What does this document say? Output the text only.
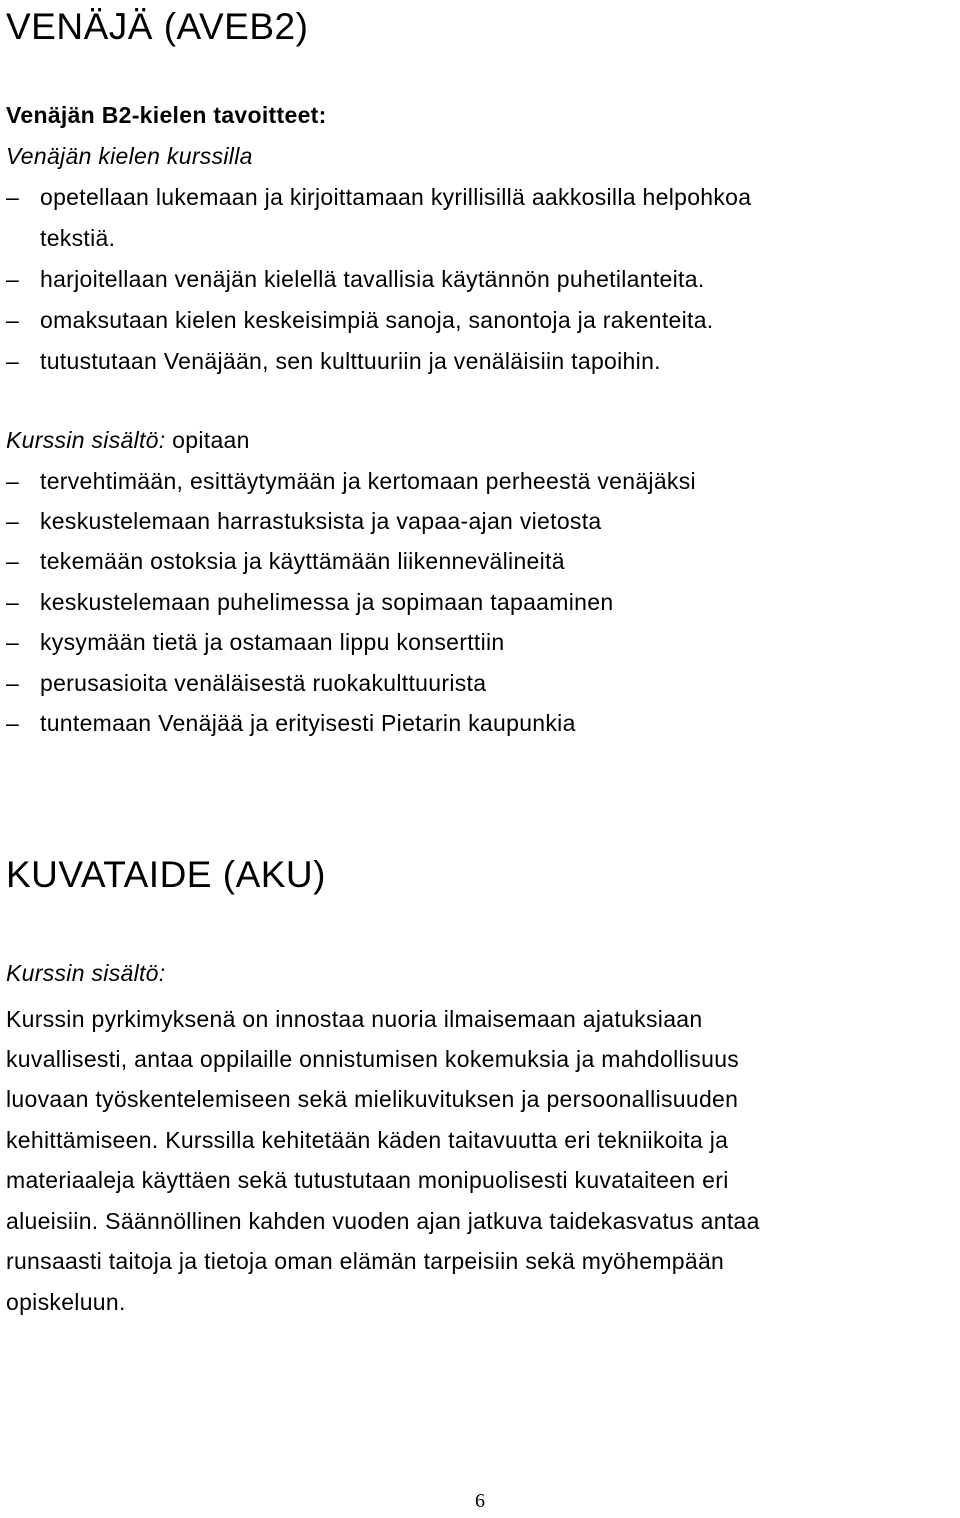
VENÄJÄ (AVEB2)
Venäjän B2-kielen tavoitteet:
Venäjän kielen kurssilla
– opetellaan lukemaan ja kirjoittamaan kyrillisillä aakkosilla helpohkoa
tekstiä.
– harjoitellaan venäjän kielellä tavallisia käytännön puhetilanteita.
– omaksutaan kielen keskeisimpiä sanoja, sanontoja ja rakenteita.
– tutustutaan Venäjään, sen kulttuuriin ja venäläisiin tapoihin.
Kurssin sisältö: opitaan
– tervehtimään, esittäytymään ja kertomaan perheestä venäjäksi
– keskustelemaan harrastuksista ja vapaa-ajan vietosta
– tekemään ostoksia ja käyttämään liikennevälineitä
– keskustelemaan puhelimessa ja sopimaan tapaaminen
– kysymään tietä ja ostamaan lippu konserttiin
– perusasioita venäläisestä ruokakulttuurista
– tuntemaan Venäjää ja erityisesti Pietarin kaupunkia
KUVATAIDE (AKU)
Kurssin sisältö:
Kurssin pyrkimyksenä on innostaa nuoria ilmaisemaan ajatuksiaan
kuvallisesti, antaa oppilaille onnistumisen kokemuksia ja mahdollisuus
luovaan työskentelemiseen sekä mielikuvituksen ja persoonallisuuden
kehittämiseen. Kurssilla kehitetään käden taitavuutta eri tekniikoita ja
materiaaleja käyttäen sekä tutustutaan monipuolisesti kuvataiteen eri
alueisiin. Säännöllinen kahden vuoden ajan jatkuva taidekasvatus antaa
runsaasti taitoja ja tietoja oman elämän tarpeisiin sekä myöhempään
opiskeluun.
6
